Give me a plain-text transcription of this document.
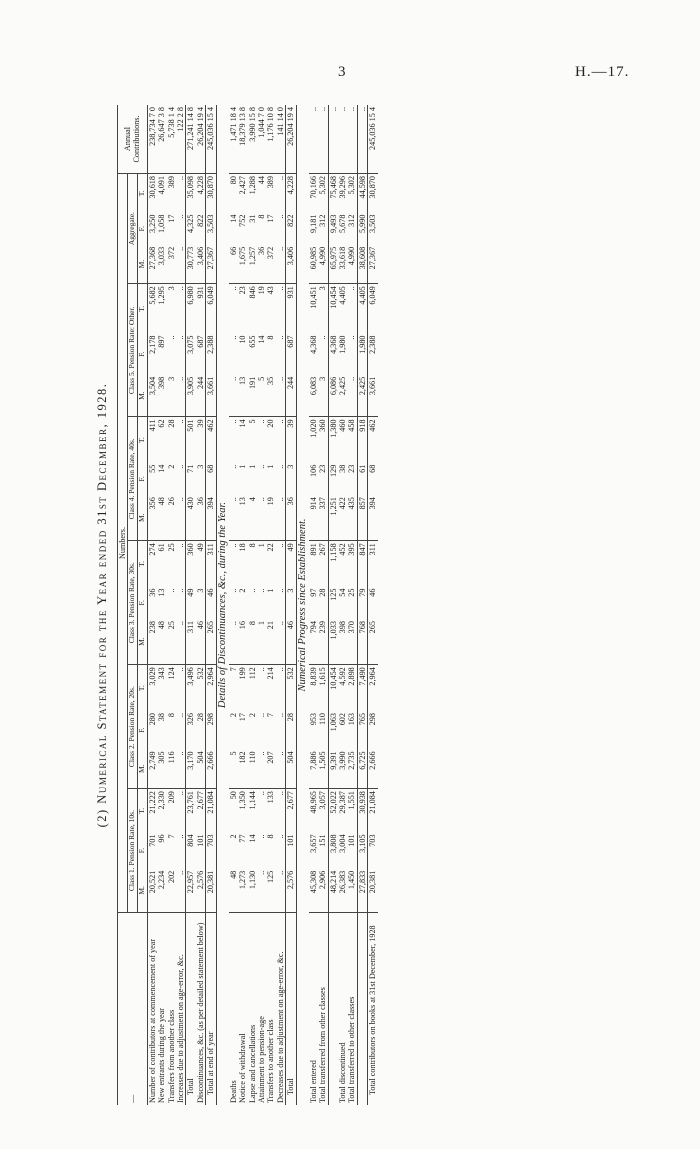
3	H.—17.
(2) Numerical Statement for the Year ended 31st December, 1928.
—	Numbers.																		Annual Contributions.
	Class 1. Pension Rate, 10s.			Class 2. Pension Rate, 20s.			Class 3. Pension Rate, 30s.			Class 4. Pension Rate, 40s.			Class 5. Pension Rate: Other.			Aggregate.			
	M.	F.	T.	M.	F.	T.	M.	F.	T.	M.	F.	T.	M.	F.	T.	M.	F.	T.	
Number of contributors at commencement of year	20,521	701	21,222	2,749	280	3,029	238	36	274	356	55	411	3,504	2,178	5,682	27,368	3,250	30,618	238,734 7 0
New entrants during the year	2,234	96	2,330	305	38	343	48	13	61	48	14	62	398	897	1,295	3,033	1,058	4,091	26,647 3 8
Transfers from another class	202	7	209	116	8	124	25	..	25	26	2	28	3	..	3	372	17	389	5,738 1 4
Increases due to adjustment on age-error, &c.	..	..	..	..	..	..	..	..	..	..	..	..	..	..	..	..	..	..	122 2 8
Total	22,957	804	23,761	3,170	326	3,496	311	49	360	430	71	501	3,905	3,075	6,980	30,773	4,325	35,098	271,241 14 8
Discontinuances, &c. (as per detailed statement below)	2,576	101	2,677	504	28	532	46	3	49	36	3	39	244	687	931	3,406	822	4,228	26,204 19 4
Total at end of year	20,381	703	21,084	2,666	298	2,964	265	46	311	394	68	462	3,661	2,388	6,049	27,367	3,503	30,870	245,036 15 4
Details of Discontinuances, &c., during the Year.																			
Deaths	48	2	50	5	2	7	..	..	..	..	..	..	..	..	..	66	14	80	1,471 18 4
Notice of withdrawal	1,273	77	1,350	182	17	199	16	2	18	13	1	14	13	10	23	1,675	752	2,427	18,379 13 8
Lapse and cancellations	1,130	14	1,144	110	2	112	8	..	8	4	1	5	191	655	846	1,257	31	1,288	3,990 15 8
Attainment to pension-age	..	..	..	..	..	..	1	..	1	..	..	..	5	14	19	36	8	44	1,044 7 0
Transfers to another class	125	8	133	207	7	214	21	1	22	19	1	20	35	8	43	372	17	389	1,176 10 8
Decreases due to adjustment on age-error, &c.	..	..	..	..	..	..	..	..	..	..	..	..	..	..	..	..	..	..	141 14 0
Total	2,576	101	2,677	504	28	532	46	3	49	36	3	39	244	687	931	3,406	822	4,228	26,204 19 4
Numerical Progress since Establishment.																			
Total entered	45,308	3,657	48,965	7,886	953	8,839	794	97	891	914	106	1,020	6,083	4,368	10,451	60,985	9,181	70,166	..
Total transferred from other classes	2,906	151	3,057	1,505	110	1,615	239	28	267	337	23	360	3	..	3	4,990	312	5,302	..
	48,214	3,808	52,022	9,391	1,063	10,454	1,033	125	1,158	1,251	129	1,380	6,086	4,368	10,454	65,975	9,493	75,468	..
Total discontinued	26,383	3,004	29,387	3,990	602	4,592	398	54	452	422	38	460	2,425	1,980	4,405	33,618	5,678	39,296	..
Total transferred to other classes	1,450	101	1,551	2,735	163	2,898	370	25	395	435	23	458	..	..	..	4,990	312	5,302	..
	27,833	3,105	30,938	6,725	765	7,490	768	79	847	857	61	918	2,425	1,980	4,405	38,608	5,990	44,598	..
Total contributors on books at 31st December, 1928	20,381	703	21,084	2,666	298	2,964	265	46	311	394	68	462	3,661	2,388	6,049	27,367	3,503	30,870	245,036 15 4
